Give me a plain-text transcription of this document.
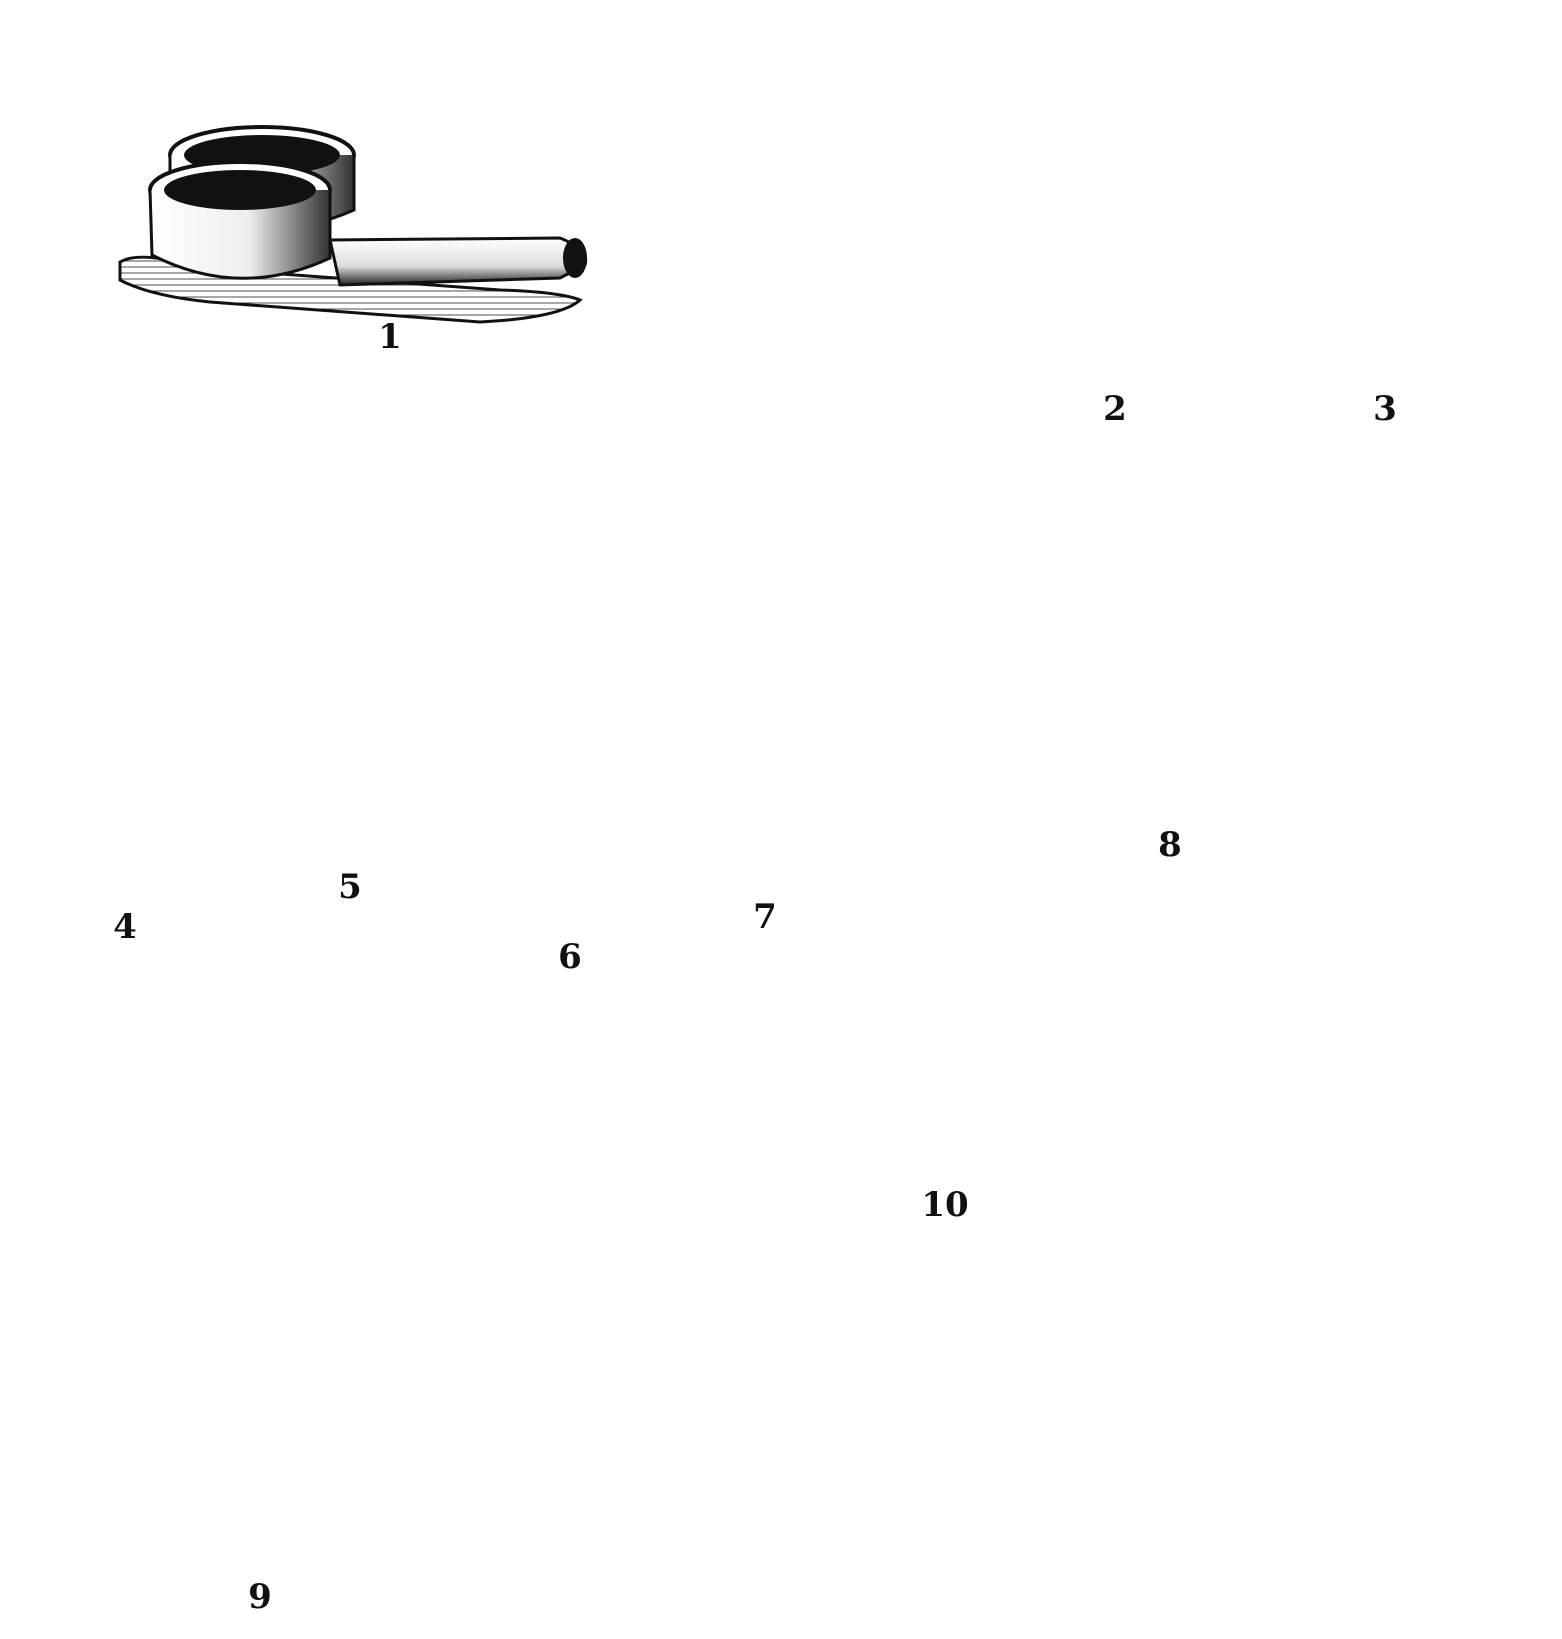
1
2	3
4
5
6
7
8
9
10
